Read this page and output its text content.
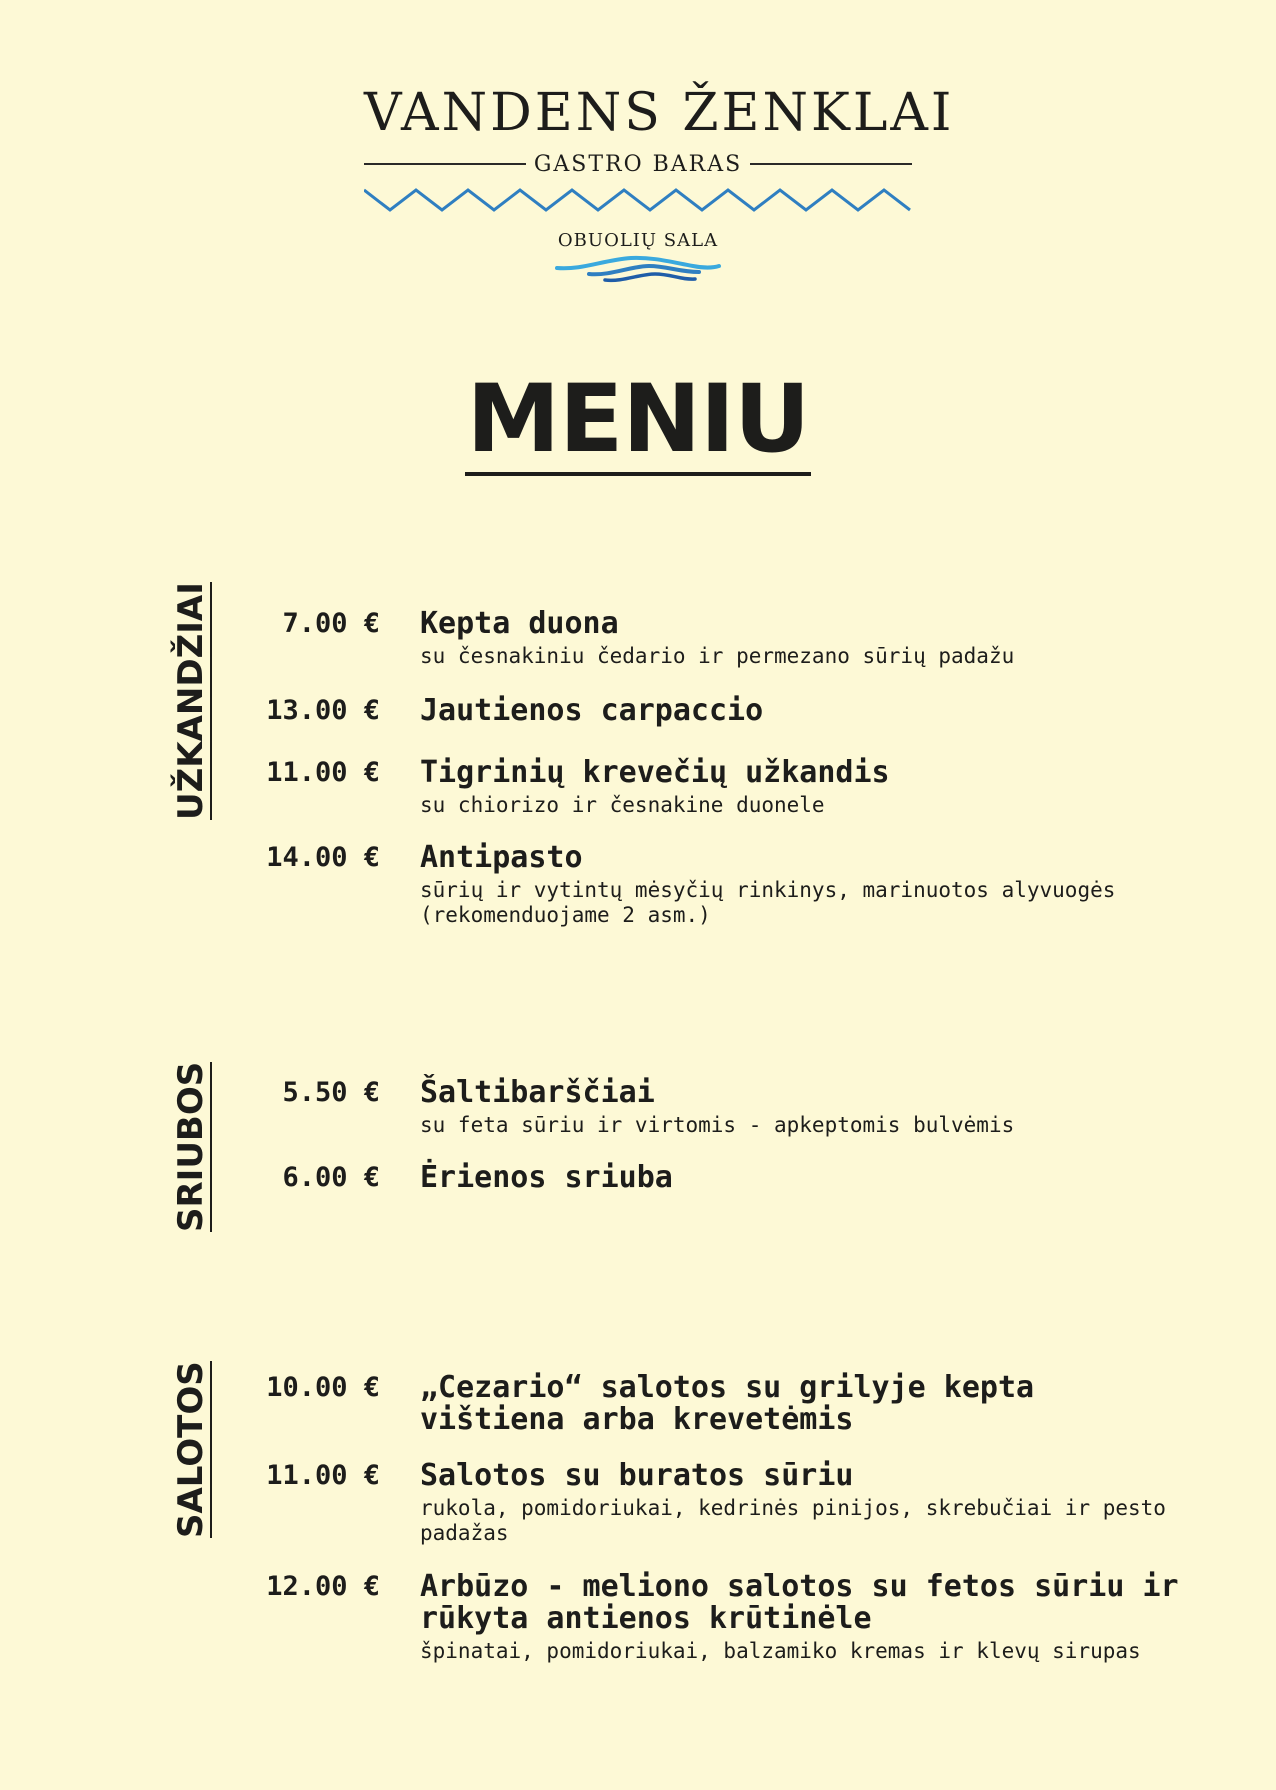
VANDENS ŽENKLAI
GASTRO BARAS
OBUOLIŲ SALA
MENIU
UŽKANDŽIAI	7.00 € Kepta duona
su česnakiniu čedario ir permezano sūrių padažu
13.00 € Jautienos carpaccio
11.00 € Tigrinių krevečių užkandis
su chiorizo ir česnakine duonele
14.00 € Antipasto
sūrių ir vytintų mėsyčių rinkinys, marinuotos alyvuogės (rekomenduojame 2 asm.)
SRIUBOS	5.50 € Šaltibarščiai
su feta sūriu ir virtomis - apkeptomis bulvėmis
6.00 € Ėrienos sriuba
SALOTOS	10.00 € „Cezario“ salotos su grilyje kepta vištiena arba krevetėmis
11.00 € Salotos su buratos sūriu
rukola, pomidoriukai, kedrinės pinijos, skrebučiai ir pesto padažas
12.00 € Arbūzo - meliono salotos su fetos sūriu ir rūkyta antienos krūtinėle
špinatai, pomidoriukai, balzamiko kremas ir klevų sirupas
